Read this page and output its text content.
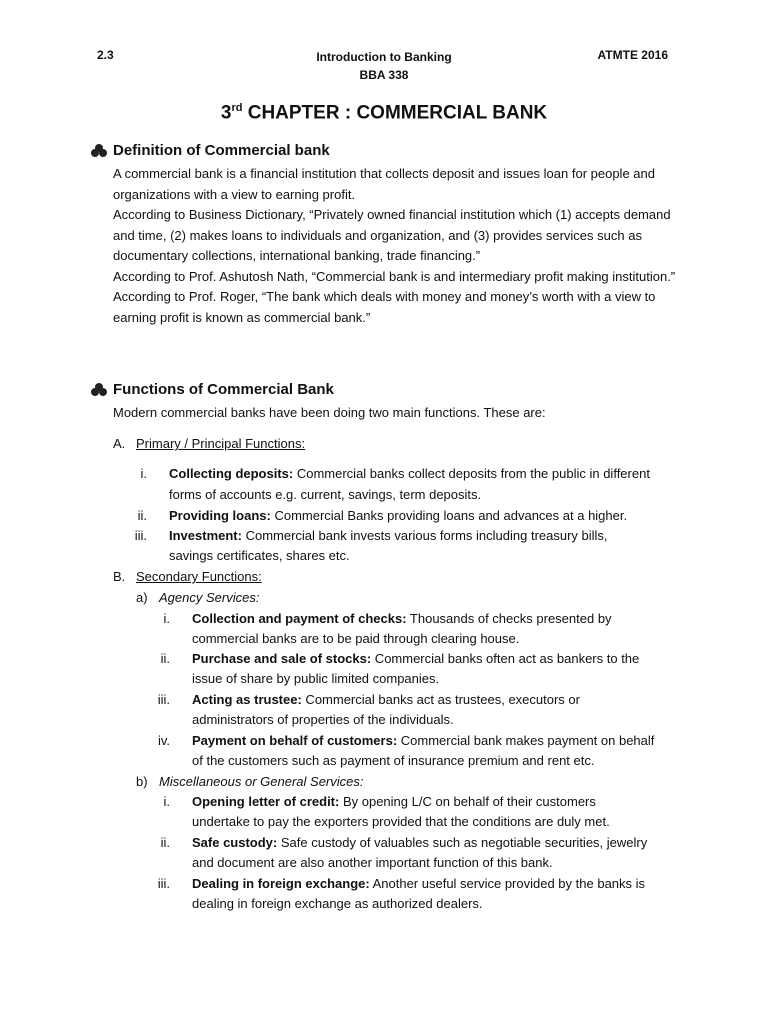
2.3	Introduction to Banking
BBA 338
ATMTE 2016
3rd CHAPTER : COMMERCIAL BANK
Definition of Commercial bank

A commercial bank is a financial institution that collects deposit and issues loan for people and organizations with a view to earning profit.

According to Business Dictionary, “Privately owned financial institution which (1) accepts demand and time, (2) makes loans to individuals and organization, and (3) provides services such as documentary collections, international banking, trade financing.”

According to Prof. Ashutosh Nath, “Commercial bank is and intermediary profit making institution.”

According to Prof. Roger, “The bank which deals with money and money’s worth with a view to earning profit is known as commercial bank.”

Functions of Commercial Bank
Modern commercial banks have been doing two main functions. These are:
A. Primary / Principal Functions:
i. Collecting deposits: Commercial banks collect deposits from the public in different
forms of accounts e.g. current, savings, term deposits.
ii. Providing loans: Commercial Banks providing loans and advances at a higher.
iii. Investment: Commercial bank invests various forms including treasury bills,
savings certificates, shares etc.
B. Secondary Functions:
a) Agency Services:
i. Collection and payment of checks: Thousands of checks presented by
commercial banks are to be paid through clearing house.
ii. Purchase and sale of stocks: Commercial banks often act as bankers to the
issue of share by public limited companies.
iii. Acting as trustee: Commercial banks act as trustees, executors or
administrators of properties of the individuals.
iv. Payment on behalf of customers: Commercial bank makes payment on behalf
of the customers such as payment of insurance premium and rent etc.
b) Miscellaneous or General Services:
i. Opening letter of credit: By opening L/C on behalf of their customers
undertake to pay the exporters provided that the conditions are duly met.
ii. Safe custody: Safe custody of valuables such as negotiable securities, jewelry
and document are also another important function of this bank.
iii. Dealing in foreign exchange: Another useful service provided by the banks is
dealing in foreign exchange as authorized dealers.
